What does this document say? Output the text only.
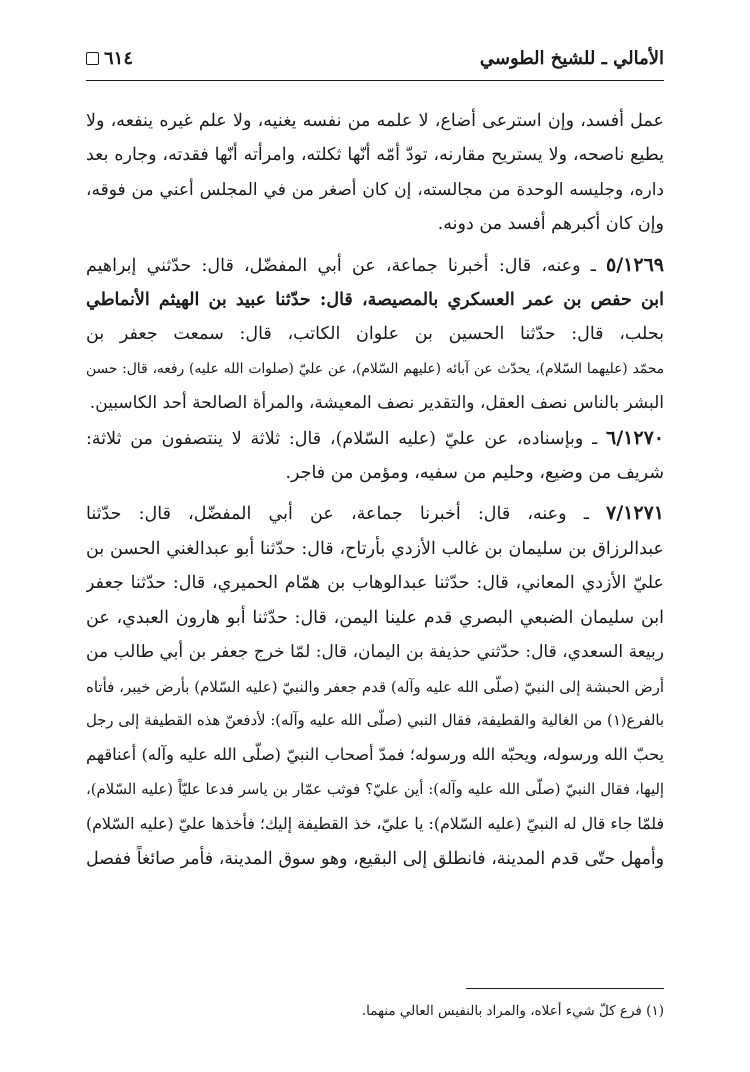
الأمالي ـ للشيخ الطوسي
٦١٤
عمل أفسد، وإن استرعى أضاع، لا علمه من نفسه يغنيه، ولا علم غيره ينفعه، ولا
يطيع ناصحه، ولا يستريح مقارنه، تودّ أمّه أنّها ثكلته، وامرأته أنّها فقدته، وجاره بعد
داره، وجليسه الوحدة من مجالسته، إن كان أصغر من في المجلس أعني من فوقه،
وإن كان أكبرهم أفسد من دونه.
٥/١٢٦٩ ـ وعنه، قال: أخبرنا جماعة، عن أبي المفضّل، قال: حدّثني إبراهيم
ابن حفص بن عمر العسكري بالمصيصة، قال: حدّثنا عبيد بن الهيثم الأنماطي
بحلب، قال: حدّثنا الحسين بن علوان الكاتب، قال: سمعت جعفر بن
محمّد (عليهما السّلام)، يحدّث عن آبائه (عليهم السّلام)، عن عليّ (صلوات الله عليه) رفعه، قال: حسن
البشر بالناس نصف العقل، والتقدير نصف المعيشة، والمرأة الصالحة أحد الكاسبين.
٦/١٢٧٠ ـ وبإسناده، عن عليّ (عليه السّلام)، قال: ثلاثة لا ينتصفون من ثلاثة:
شريف من وضيع، وحليم من سفيه، ومؤمن من فاجر.
٧/١٢٧١ ـ وعنه، قال: أخبرنا جماعة، عن أبي المفضّل، قال: حدّثنا
عبدالرزاق بن سليمان بن غالب الأزدي بأرتاح، قال: حدّثنا أبو عبدالغني الحسن بن
عليّ الأزدي المعاني، قال: حدّثنا عبدالوهاب بن همّام الحميري، قال: حدّثنا جعفر
ابن سليمان الضبعي البصري قدم علينا اليمن، قال: حدّثنا أبو هارون العبدي، عن
ربيعة السعدي، قال: حدّثني حذيفة بن اليمان، قال: لمّا خرج جعفر بن أبي طالب من
أرض الحبشة إلى النبيّ (صلّى الله عليه وآله) قدم جعفر والنبيّ (عليه السّلام) بأرض خيبر، فأتاه
بالفرع(١) من الغالية والقطيفة، فقال النبي (صلّى الله عليه وآله): لأدفعنّ هذه القطيفة إلى رجل
يحبّ الله ورسوله، ويحبّه الله ورسوله؛ فمدّ أصحاب النبيّ (صلّى الله عليه وآله) أعناقهم
إليها، فقال النبيّ (صلّى الله عليه وآله): أين عليّ؟ فوثب عمّار بن ياسر فدعا عليّاً (عليه السّلام)،
فلمّا جاء قال له النبيّ (عليه السّلام): يا عليّ، خذ القطيفة إليك؛ فأخذها عليّ (عليه السّلام)
وأمهل حتّى قدم المدينة، فانطلق إلى البقيع، وهو سوق المدينة، فأمر صائغاً ففصل
(١) فرع كلّ شيء أعلاه، والمراد بالنفيس العالي منهما.
